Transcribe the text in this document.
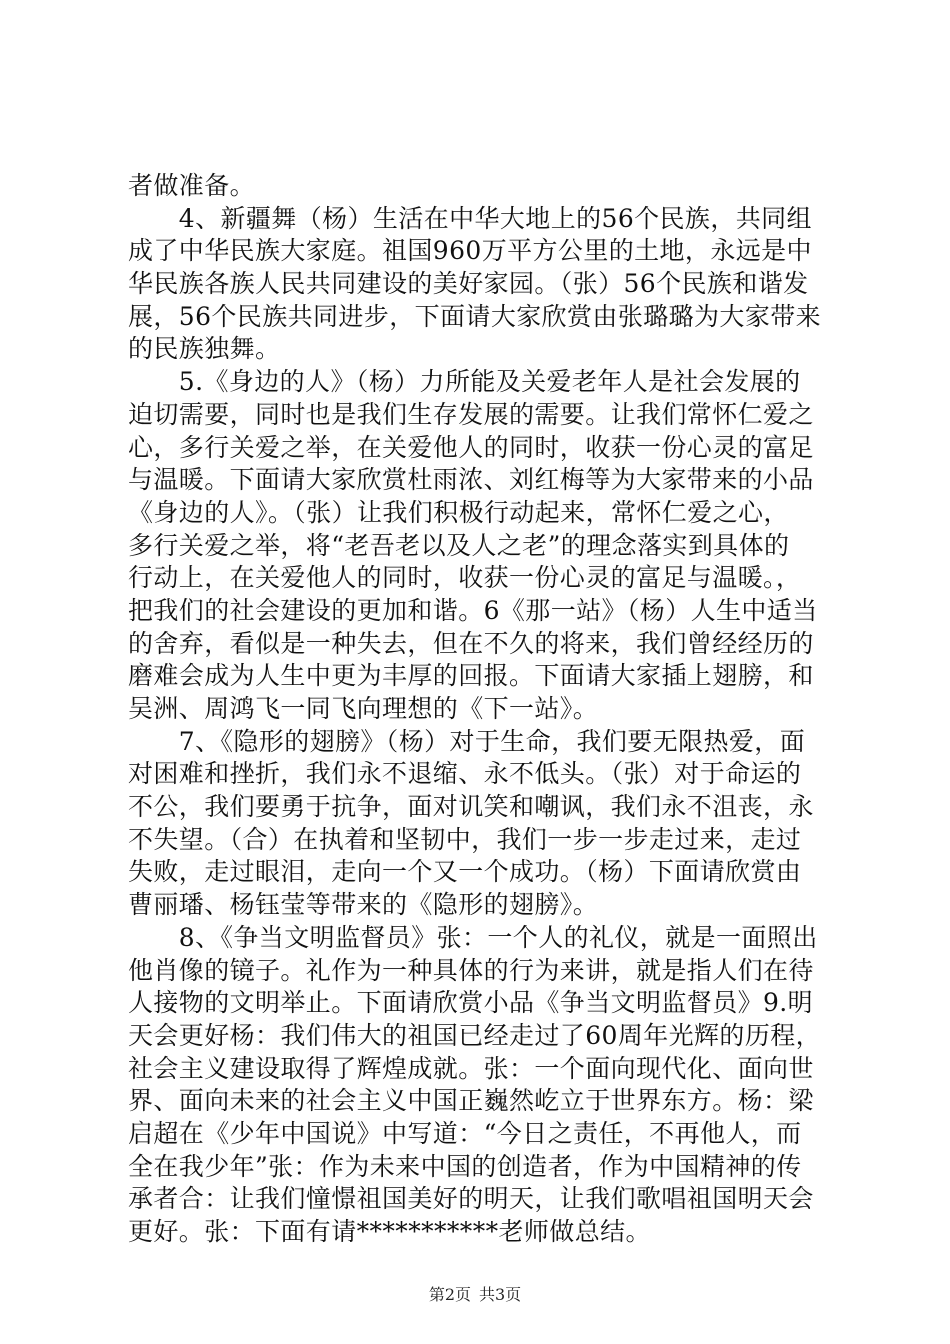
者做准备。
　　4、新疆舞（杨）生活在中华大地上的56个民族，共同组
成了中华民族大家庭。祖国960万平方公里的土地，永远是中
华民族各族人民共同建设的美好家园。（张）56个民族和谐发
展，56个民族共同进步，下面请大家欣赏由张璐璐为大家带来
的民族独舞。
　　5.《身边的人》（杨）力所能及关爱老年人是社会发展的
迫切需要，同时也是我们生存发展的需要。让我们常怀仁爱之
心，多行关爱之举，在关爱他人的同时，收获一份心灵的富足
与温暖。下面请大家欣赏杜雨浓、刘红梅等为大家带来的小品
《身边的人》。（张）让我们积极行动起来，常怀仁爱之心，
多行关爱之举，将“老吾老以及人之老”的理念落实到具体的
行动上，在关爱他人的同时，收获一份心灵的富足与温暖。，
把我们的社会建设的更加和谐。6《那一站》（杨）人生中适当
的舍弃，看似是一种失去，但在不久的将来，我们曾经经历的
磨难会成为人生中更为丰厚的回报。下面请大家插上翅膀，和
吴洲、周鸿飞一同飞向理想的《下一站》。
　　7、《隐形的翅膀》（杨）对于生命，我们要无限热爱，面
对困难和挫折，我们永不退缩、永不低头。（张）对于命运的
不公，我们要勇于抗争，面对讥笑和嘲讽，我们永不沮丧，永
不失望。（合）在执着和坚韧中，我们一步一步走过来，走过
失败，走过眼泪，走向一个又一个成功。（杨）下面请欣赏由
曹丽璠、杨钰莹等带来的《隐形的翅膀》。
　　8、《争当文明监督员》张：一个人的礼仪，就是一面照出
他肖像的镜子。礼作为一种具体的行为来讲，就是指人们在待
人接物的文明举止。下面请欣赏小品《争当文明监督员》9.明
天会更好杨：我们伟大的祖国已经走过了60周年光辉的历程，
社会主义建设取得了辉煌成就。张：一个面向现代化、面向世
界、面向未来的社会主义中国正巍然屹立于世界东方。杨：梁
启超在《少年中国说》中写道：“今日之责任，不再他人，而
全在我少年”张：作为未来中国的创造者，作为中国精神的传
承者合：让我们憧憬祖国美好的明天，让我们歌唱祖国明天会
更好。张：下面有请***********老师做总结。
第2页 共3页
